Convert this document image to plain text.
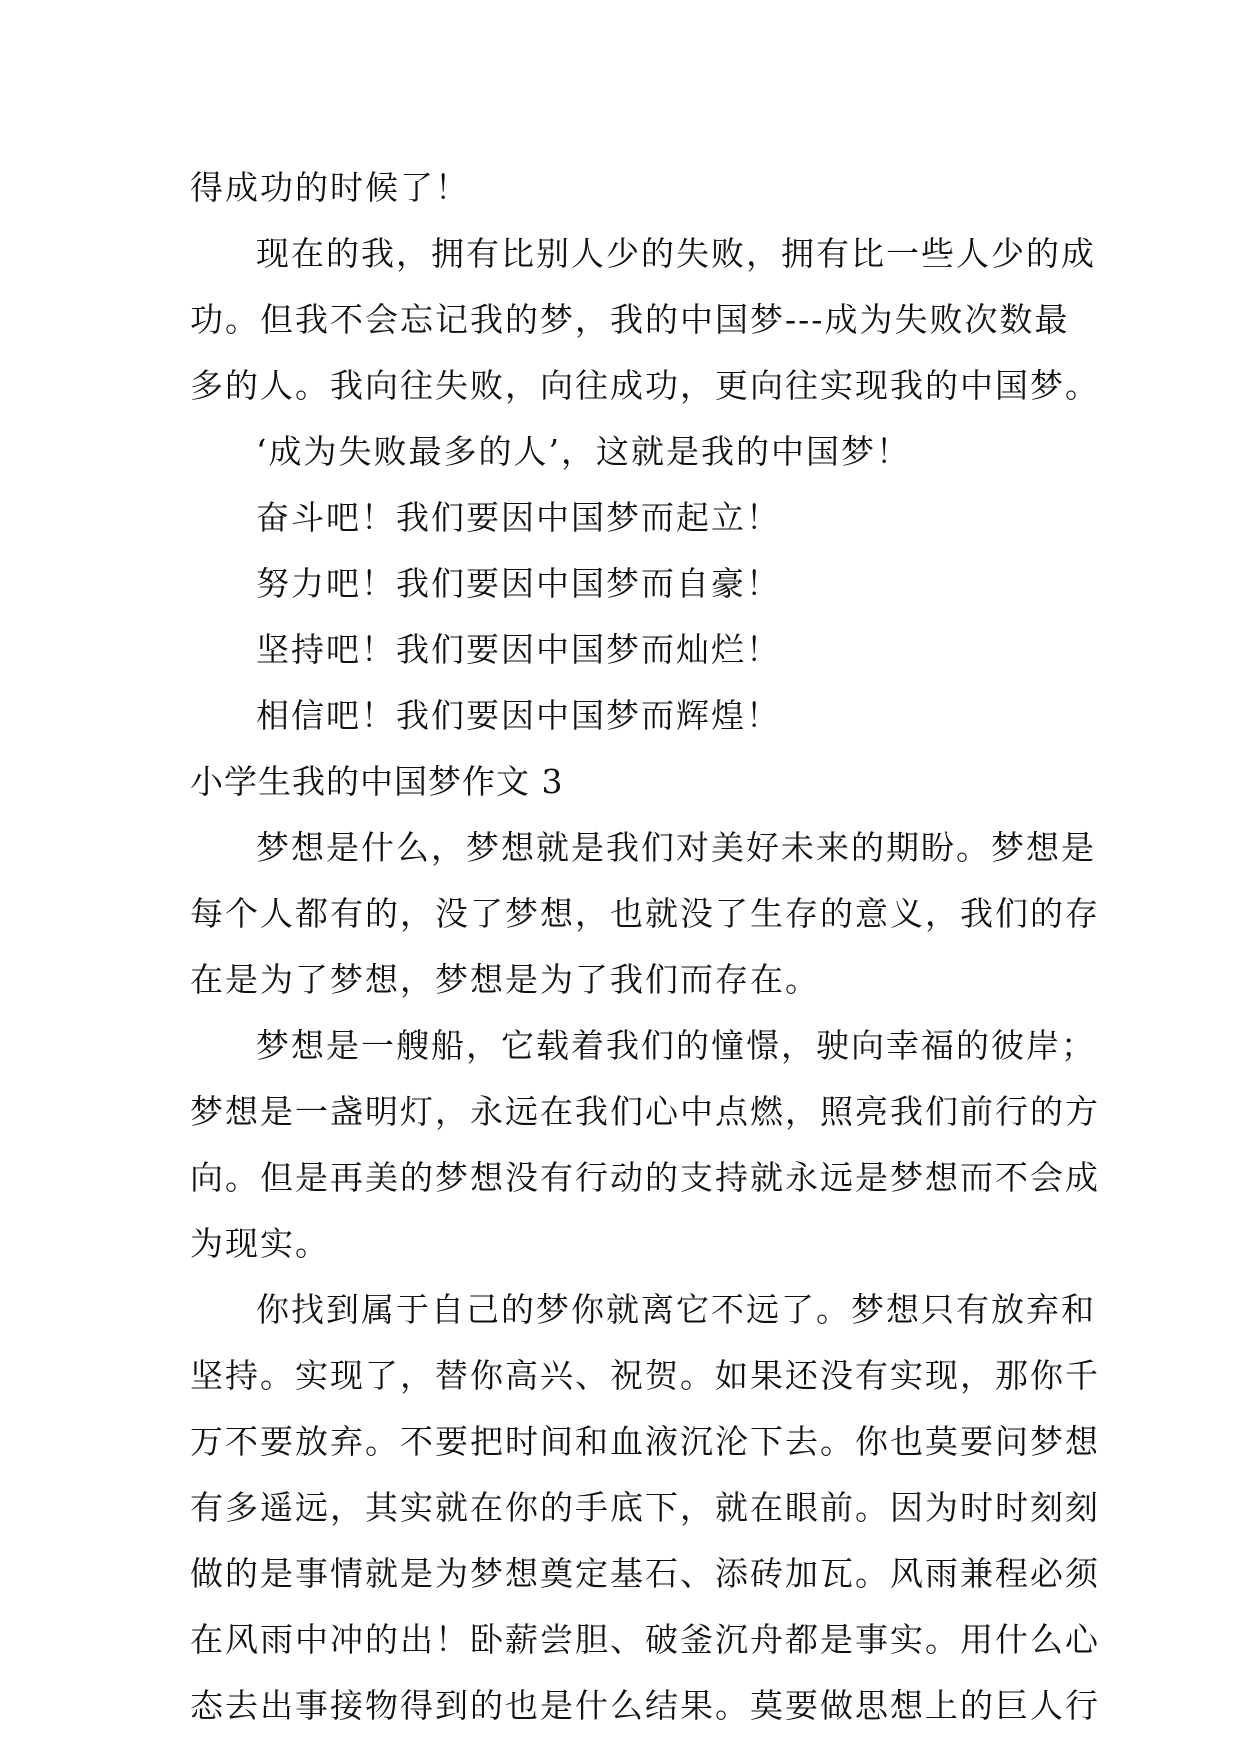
得成功的时候了！
现在的我，拥有比别人少的失败，拥有比一些人少的成
功。但我不会忘记我的梦，我的中国梦---成为失败次数最
多的人。我向往失败，向往成功，更向往实现我的中国梦。
‘成为失败最多的人’，这就是我的中国梦！
奋斗吧！我们要因中国梦而起立！
努力吧！我们要因中国梦而自豪！
坚持吧！我们要因中国梦而灿烂！
相信吧！我们要因中国梦而辉煌！
小学生我的中国梦作文 3
梦想是什么，梦想就是我们对美好未来的期盼。梦想是
每个人都有的，没了梦想，也就没了生存的意义，我们的存
在是为了梦想，梦想是为了我们而存在。
梦想是一艘船，它载着我们的憧憬，驶向幸福的彼岸；
梦想是一盏明灯，永远在我们心中点燃，照亮我们前行的方
向。但是再美的梦想没有行动的支持就永远是梦想而不会成
为现实。
你找到属于自己的梦你就离它不远了。梦想只有放弃和
坚持。实现了，替你高兴、祝贺。如果还没有实现，那你千
万不要放弃。不要把时间和血液沉沦下去。你也莫要问梦想
有多遥远，其实就在你的手底下，就在眼前。因为时时刻刻
做的是事情就是为梦想奠定基石、添砖加瓦。风雨兼程必须
在风雨中冲的出！卧薪尝胆、破釜沉舟都是事实。用什么心
态去出事接物得到的也是什么结果。莫要做思想上的巨人行
